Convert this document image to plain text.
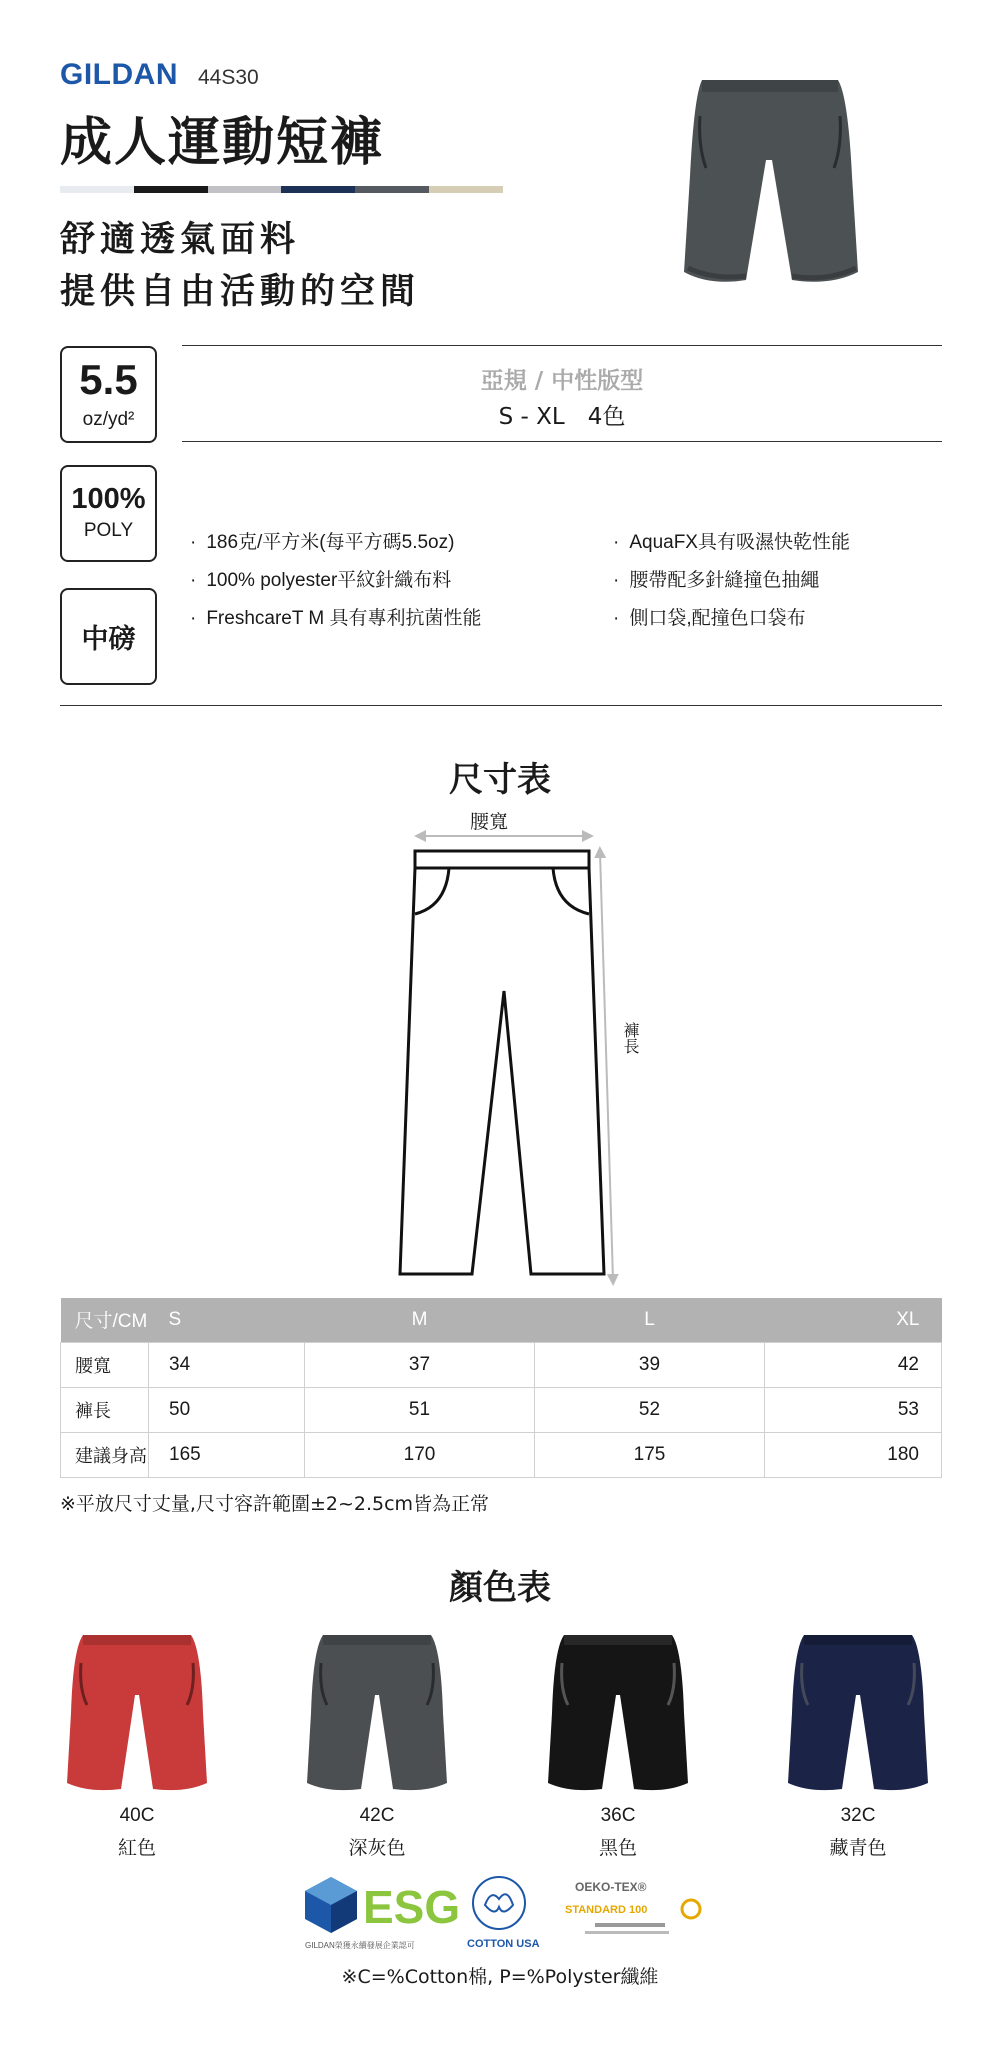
GILDAN 44S30
成人運動短褲
舒適透氣面料
提供自由活動的空間
5.5
oz/yd²
100%
POLY
中磅
亞規 / 中性版型
S - XL　4色
· 186克/平方米(每平方碼5.5oz)
· 100% polyester平紋針織布料
· FreshcareT M 具有專利抗菌性能
· AquaFX具有吸濕快乾性能
· 腰帶配多針縫撞色抽繩
· 側口袋,配撞色口袋布
尺寸表
腰寬
褲長
尺寸/CM	S	M	L	XL
腰寬	34	37	39	42
褲長	50	51	52	53
建議身高	165	170	175	180
※平放尺寸丈量,尺寸容許範圍±2~2.5cm皆為正常
顏色表
40C
紅色
42C
深灰色
36C
黑色
32C
藏青色
ESG
GILDAN榮獲永續發展企業認可	COTTON USA
OEKO-TEX®
STANDARD 100
※C=%Cotton棉, P=%Polyster纖維
